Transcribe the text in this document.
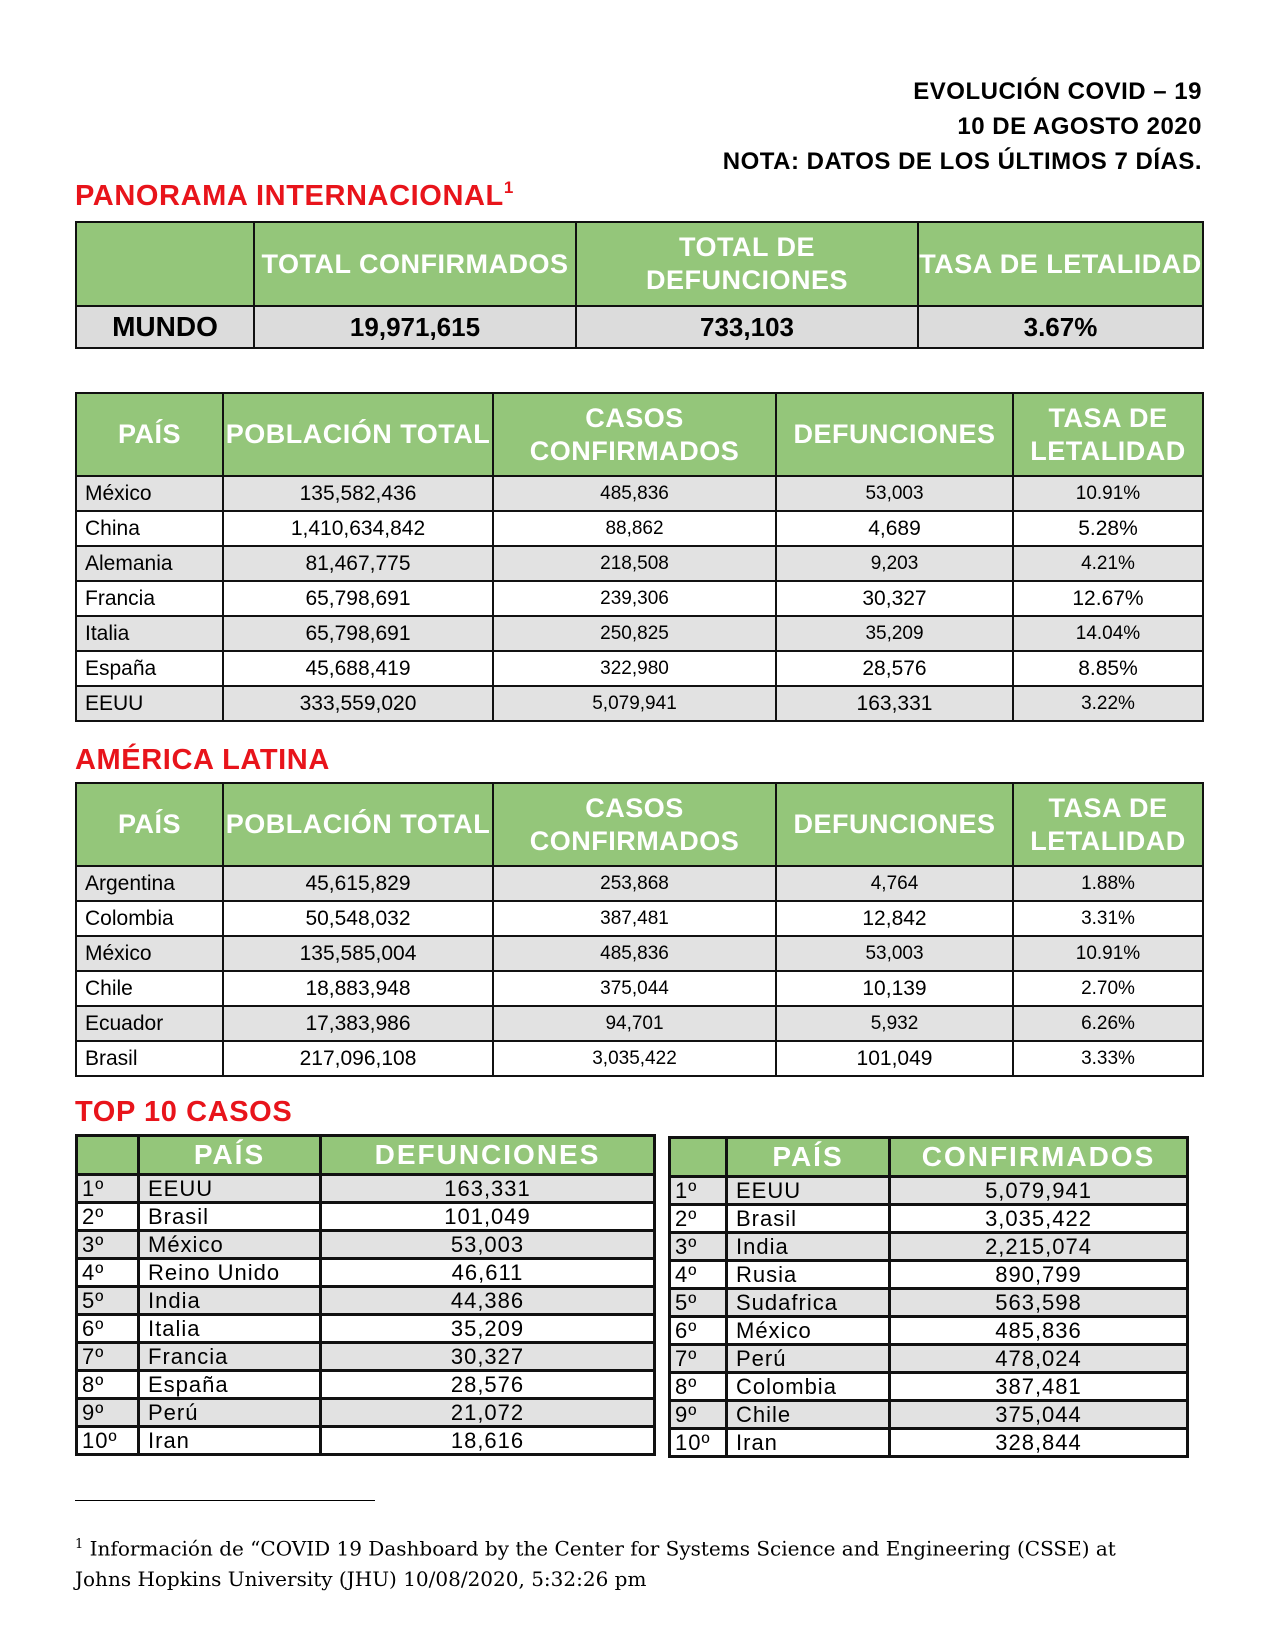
EVOLUCIÓN COVID – 19
10 DE AGOSTO 2020
NOTA: DATOS DE LOS ÚLTIMOS 7 DÍAS.
PANORAMA INTERNACIONAL$^1$
	TOTAL CONFIRMADOS	TOTAL DE DEFUNCIONES	TASA DE LETALIDAD
MUNDO	19,971,615	733,103	3.67%
PAÍS	POBLACIÓN TOTAL	CASOS CONFIRMADOS	DEFUNCIONES	TASA DE LETALIDAD
México	135,582,436	485,836	53,003	10.91%
China	1,410,634,842	88,862	4,689	5.28%
Alemania	81,467,775	218,508	9,203	4.21%
Francia	65,798,691	239,306	30,327	12.67%
Italia	65,798,691	250,825	35,209	14.04%
España	45,688,419	322,980	28,576	8.85%
EEUU	333,559,020	5,079,941	163,331	3.22%
AMÉRICA LATINA
PAÍS	POBLACIÓN TOTAL	CASOS CONFIRMADOS	DEFUNCIONES	TASA DE LETALIDAD
Argentina	45,615,829	253,868	4,764	1.88%
Colombia	50,548,032	387,481	12,842	3.31%
México	135,585,004	485,836	53,003	10.91%
Chile	18,883,948	375,044	10,139	2.70%
Ecuador	17,383,986	94,701	5,932	6.26%
Brasil	217,096,108	3,035,422	101,049	3.33%
TOP 10 CASOS
	PAÍS	DEFUNCIONES
1º	EEUU	163,331
2º	Brasil	101,049
3º	México	53,003
4º	Reino Unido	46,611
5º	India	44,386
6º	Italia	35,209
7º	Francia	30,327
8º	España	28,576
9º	Perú	21,072
10º	Iran	18,616
	PAÍS	CONFIRMADOS
1º	EEUU	5,079,941
2º	Brasil	3,035,422
3º	India	2,215,074
4º	Rusia	890,799
5º	Sudafrica	563,598
6º	México	485,836
7º	Perú	478,024
8º	Colombia	387,481
9º	Chile	375,044
10º	Iran	328,844
$^1$ Información de “COVID 19 Dashboard by the Center for Systems Science and Engineering (CSSE) at Johns Hopkins University (JHU) 10/08/2020, 5:32:26 pm
